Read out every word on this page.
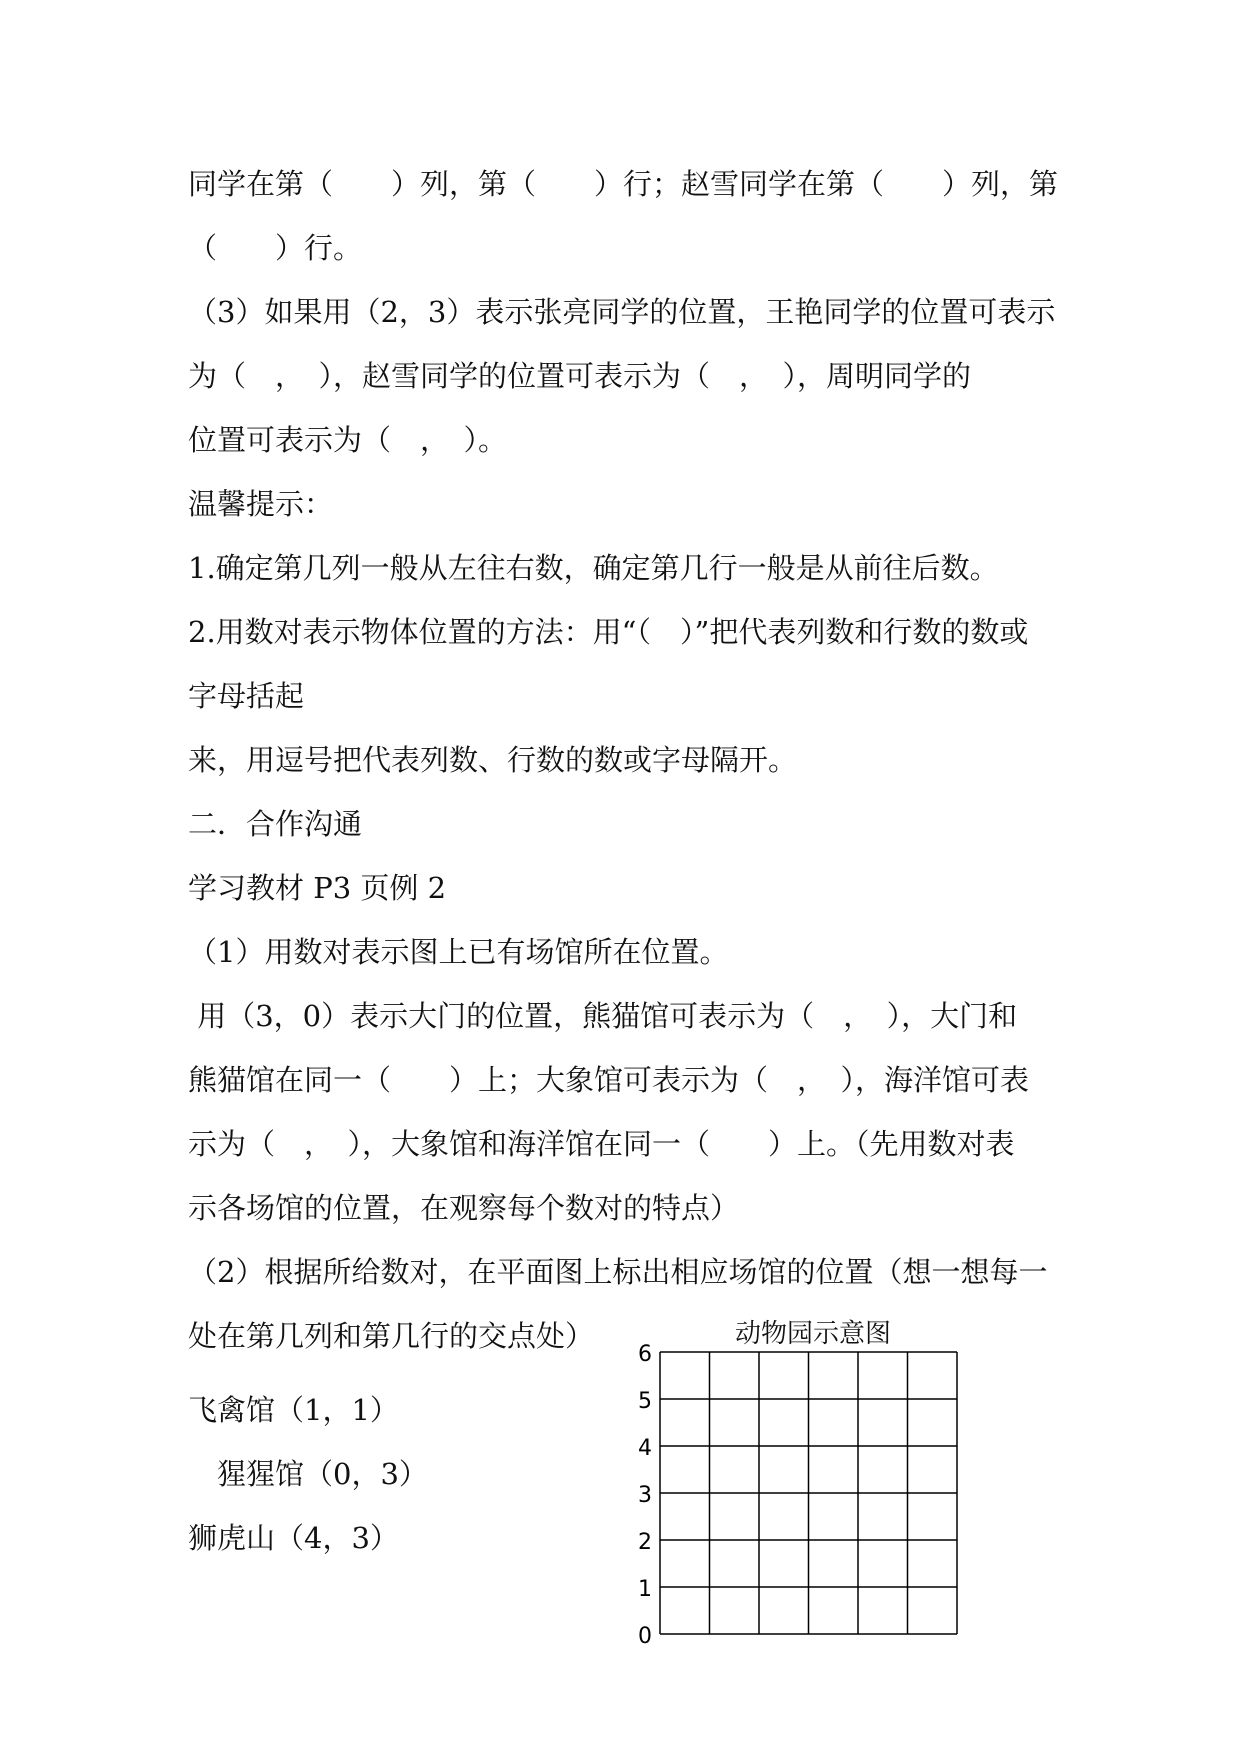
同学在第（　　）列，第（　　）行；赵雪同学在第（　　）列，第
（　　）行。
（3）如果用（2，3）表示张亮同学的位置，王艳同学的位置可表示
为（　，　），赵雪同学的位置可表示为（　，　），周明同学的
位置可表示为（　，　）。
温馨提示：
1.确定第几列一般从左往右数，确定第几行一般是从前往后数。
2.用数对表示物体位置的方法：用“（　）”把代表列数和行数的数或
字母括起
来，用逗号把代表列数、行数的数或字母隔开。
二．合作沟通
学习教材 P3 页例 2
（1）用数对表示图上已有场馆所在位置。
用（3，0）表示大门的位置，熊猫馆可表示为（　，　），大门和
熊猫馆在同一（　　）上；大象馆可表示为（　，　），海洋馆可表
示为（　，　），大象馆和海洋馆在同一（　　）上。（先用数对表
示各场馆的位置，在观察每个数对的特点）
（2）根据所给数对，在平面图上标出相应场馆的位置（想一想每一
处在第几列和第几行的交点处）
飞禽馆（1，1）
　猩猩馆（0，3）
狮虎山（4，3）
动物园示意图
0
1
2
3
4
5
6
